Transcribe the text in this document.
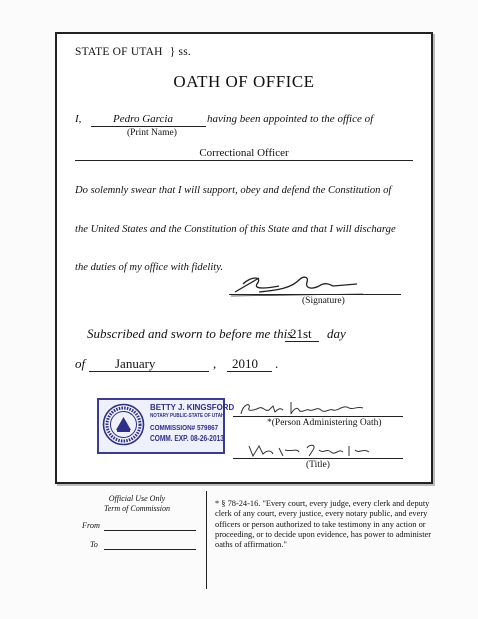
STATE OF UTAH } ss.
OATH OF OFFICE
I,	Pedro Garcia
(Print Name)
having been appointed to the office of
Correctional Officer
Do solemnly swear that I will support, obey and defend the Constitution of
the United States and the Constitution of this State and that I will discharge
the duties of my office with fidelity.
(Signature)
Subscribed and sworn to before me this
21st day
of January	, 2010 .
BETTY J. KINGSFORD
NOTARY PUBLIC-STATE OF UTAH
COMMISSION# 579867
COMM. EXP. 08-26-2013
*(Person Administering Oath)
(Title)
Official Use Only
Term of Commission
From
To
* § 78-24-16. "Every court, every judge, every clerk and deputy clerk of any court, every justice, every notary public, and every officers or person authorized to take testimony in any action or proceeding, or to decide upon evidence, has power to administer oaths of affirmation."
